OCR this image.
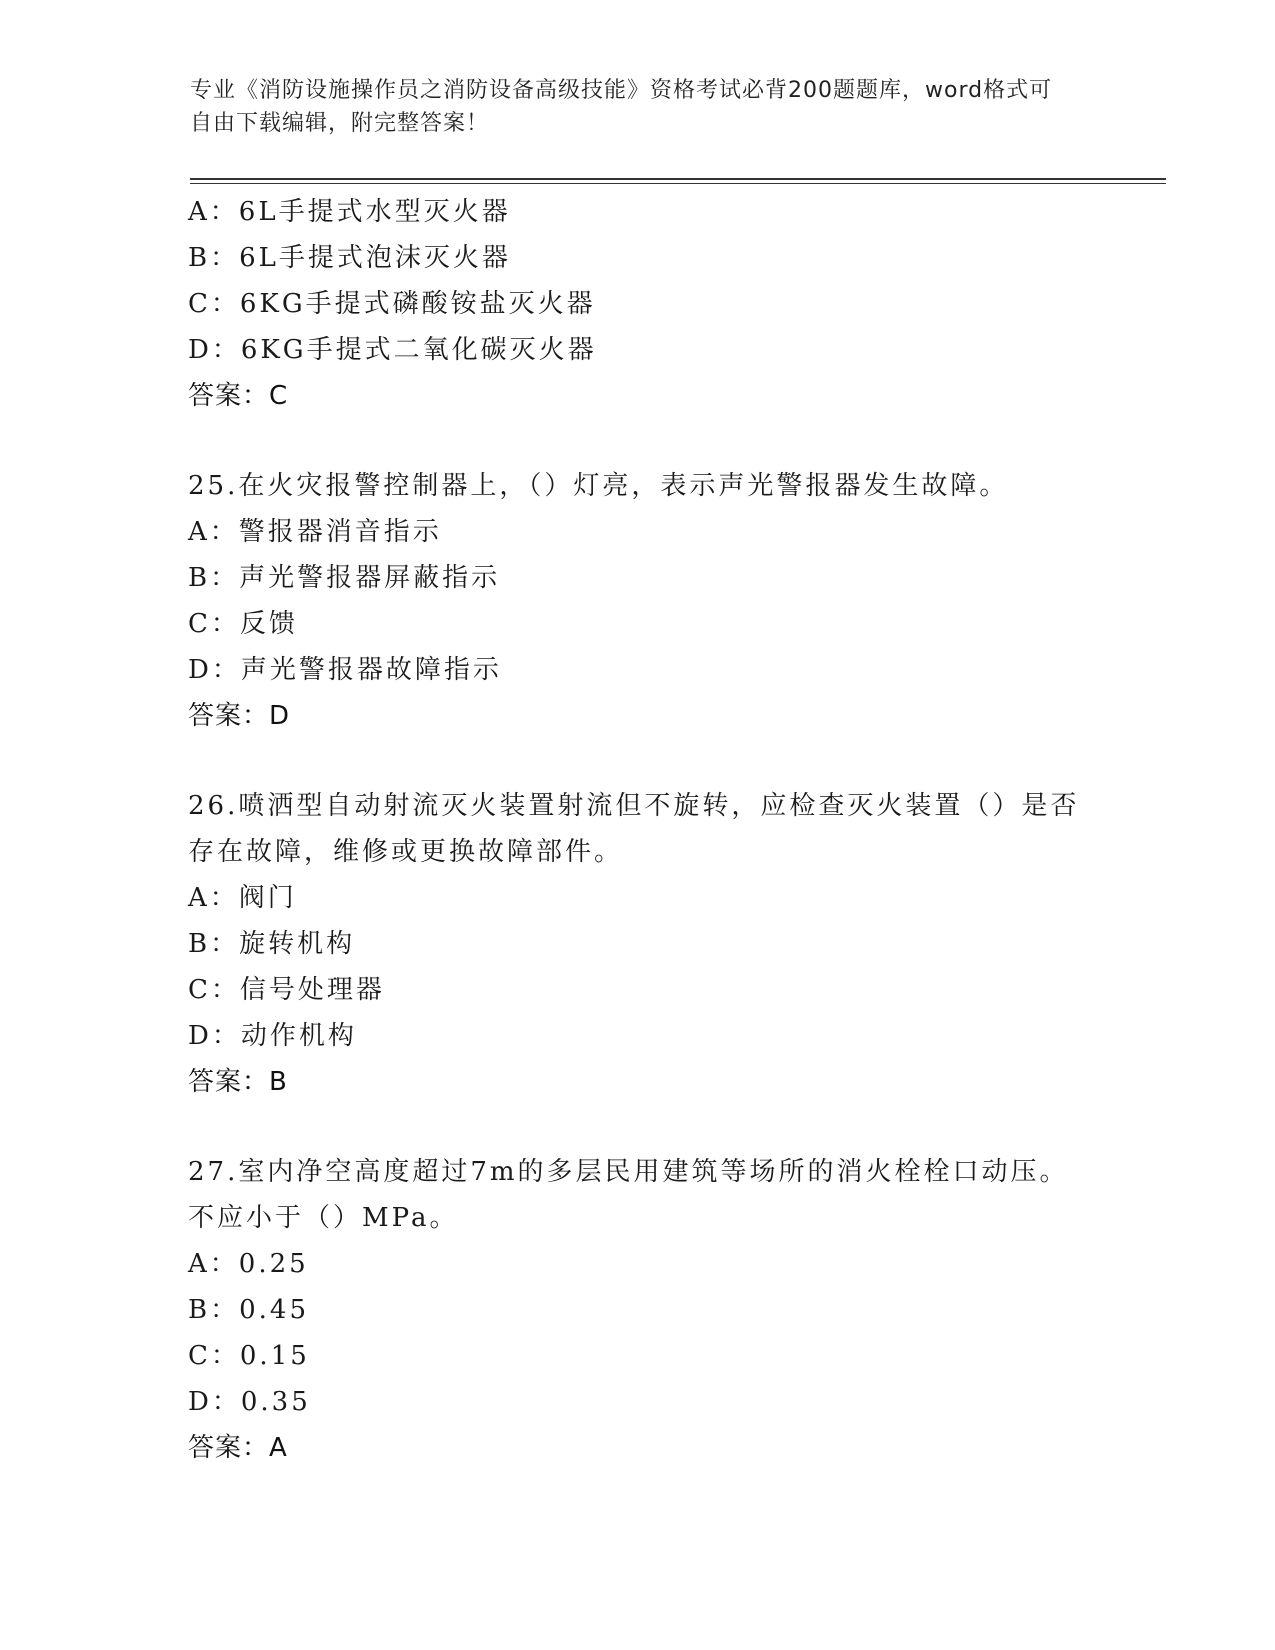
专业《消防设施操作员之消防设备高级技能》资格考试必背200题题库，word格式可自由下载编辑，附完整答案！
A：6L手提式水型灭火器
B：6L手提式泡沫灭火器
C：6KG手提式磷酸铵盐灭火器
D：6KG手提式二氧化碳灭火器
答案：C
25.在火灾报警控制器上，（）灯亮，表示声光警报器发生故障。
A：警报器消音指示
B：声光警报器屏蔽指示
C：反馈
D：声光警报器故障指示
答案：D
26.喷洒型自动射流灭火装置射流但不旋转，应检查灭火装置（）是否
存在故障，维修或更换故障部件。
A：阀门
B：旋转机构
C：信号处理器
D：动作机构
答案：B
27.室内净空高度超过7m的多层民用建筑等场所的消火栓栓口动压。
不应小于（）MPa。
A：0.25
B：0.45
C：0.15
D：0.35
答案：A
